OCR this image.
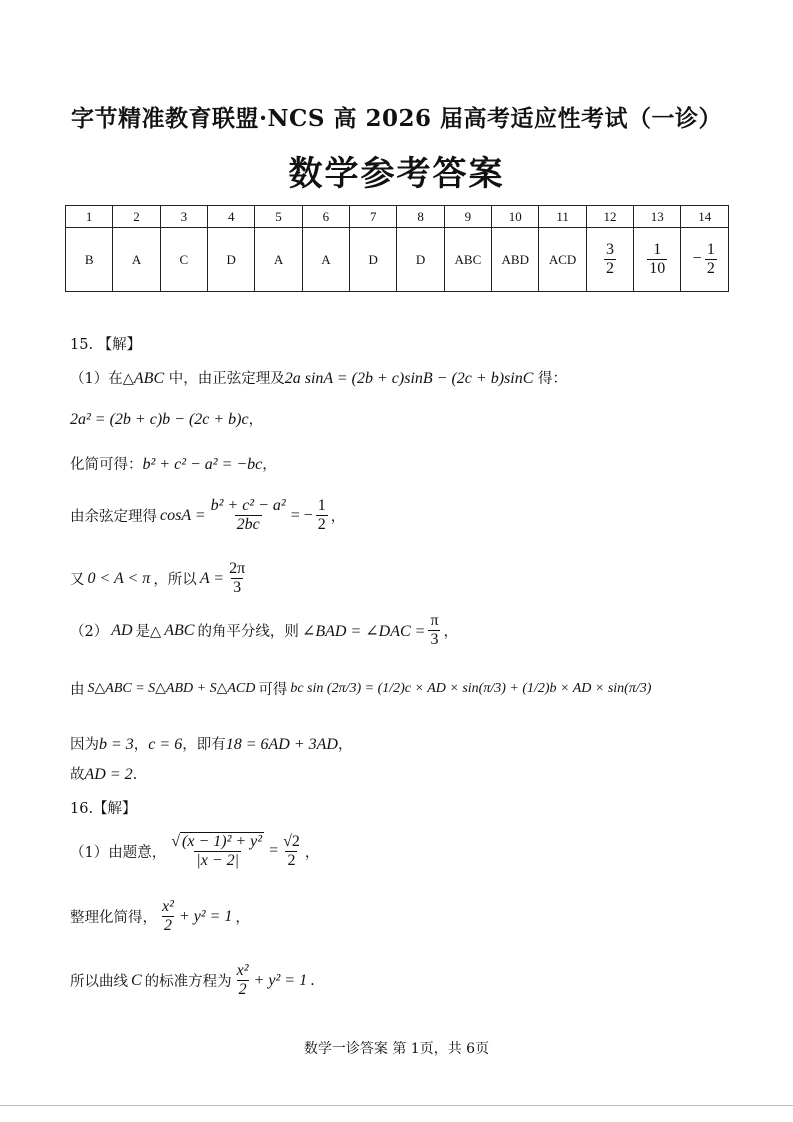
字节精准教育联盟·NCS 高 2026 届高考适应性考试（一诊）
数学参考答案
1	2	3	4	5	6	7	8	9	10	11	12	13	14
B	A	C	D	A	A	D	D	ABC	ABD	ACD	$\frac{3}{2}$	$\frac{1}{10}$	− $\frac{1}{2}$
15. 【解】
（1）在△ABC 中，由正弦定理及2a sinA = (2b + c)sinB − (2c + b)sinC 得：
2a² = (2b + c)b − (2c + b)c，
化简可得：b² + c² − a² = −bc，
由余弦定理得 $\cos A = \frac{\text{b² + c² − a²}}{2bc}$ = − $\frac{1}{2}$ ，
又 0 < A < π ，所以 $A = \frac{2\pi}{3}$
（2） AD 是△ ABC 的角平分线，则 ∠BAD = ∠DAC = $\frac{\pi}{3}$ ，
由 S△ABC = S△ABD + S△ACD 可得 bc sin (2π/3) = (1/2)c × AD × sin(π/3) + (1/2)b × AD × sin(π/3)
因为b = 3，c = 6，即有18 = 6AD + 3AD，
故AD = 2.
16.【解】
（1）由题意， $\frac{\text{√ (x − 1)² + y²}}{|x - 2|} = \frac{√2}{2}$ ，
整理化简得， $\frac{\text{x²}}{2} + y^2 = 1$ ，
所以曲线 C 的标准方程为 $\frac{\text{x²}}{2} + y^2 = 1$ .
数学一诊答案 第 1页，共 6页
